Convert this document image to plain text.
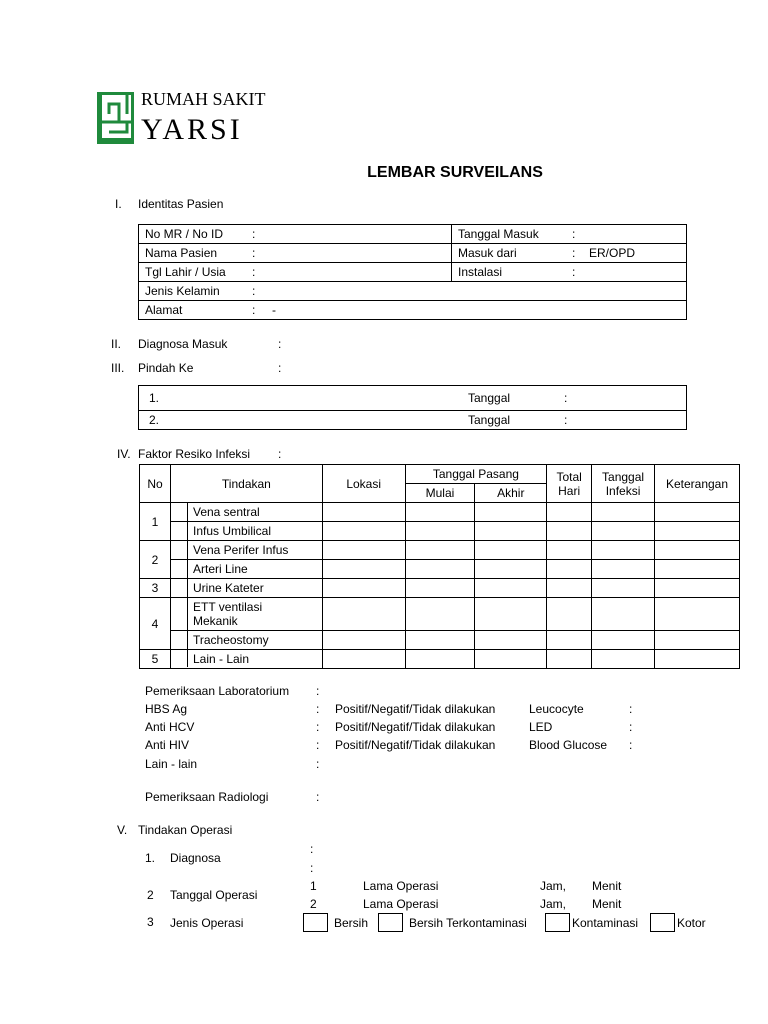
RUMAH SAKIT
YARSI
LEMBAR SURVEILANS
I. Identitas Pasien
No MR / No ID :	Tanggal Masuk :
Nama Pasien :	Masuk dari : ER/OPD
Tgl Lahir / Usia :	Instalasi :
Jenis Kelamin :	
Alamat : -	
II. Diagnosa Masuk	:
III. Pindah Ke	:
1.	Tanggal	:
2.	Tanggal	:
IV. Faktor Resiko Infeksi :
No	Tindakan	Lokasi	Tanggal Pasang		Total Hari	Tanggal Infeksi	Keterangan
			Mulai	Akhir			
1	Vena sentral						
	Infus Umbilical						
2	Vena Perifer Infus						
	Arteri Line						
3	Urine Kateter						
4	ETT ventilasi Mekanik						

	Tracheostomy						
5	Lain - Lain						
Pemeriksaan Laboratorium :
HBS Ag	: Positif/Negatif/Tidak dilakukan	Leucocyte	:
Anti HCV	: Positif/Negatif/Tidak dilakukan	LED	:
Anti HIV	: Positif/Negatif/Tidak dilakukan	Blood Glucose :
Lain - lain	:
Pemeriksaan Radiologi	:
V. Tindakan Operasi
1. Diagnosa
:
:
2 Tanggal Operasi
1	Lama Operasi	Jam, Menit
2	Lama Operasi	Jam, Menit
3 Jenis Operasi	Bersih	Bersih Terkontaminasi	Kontaminasi	Kotor
